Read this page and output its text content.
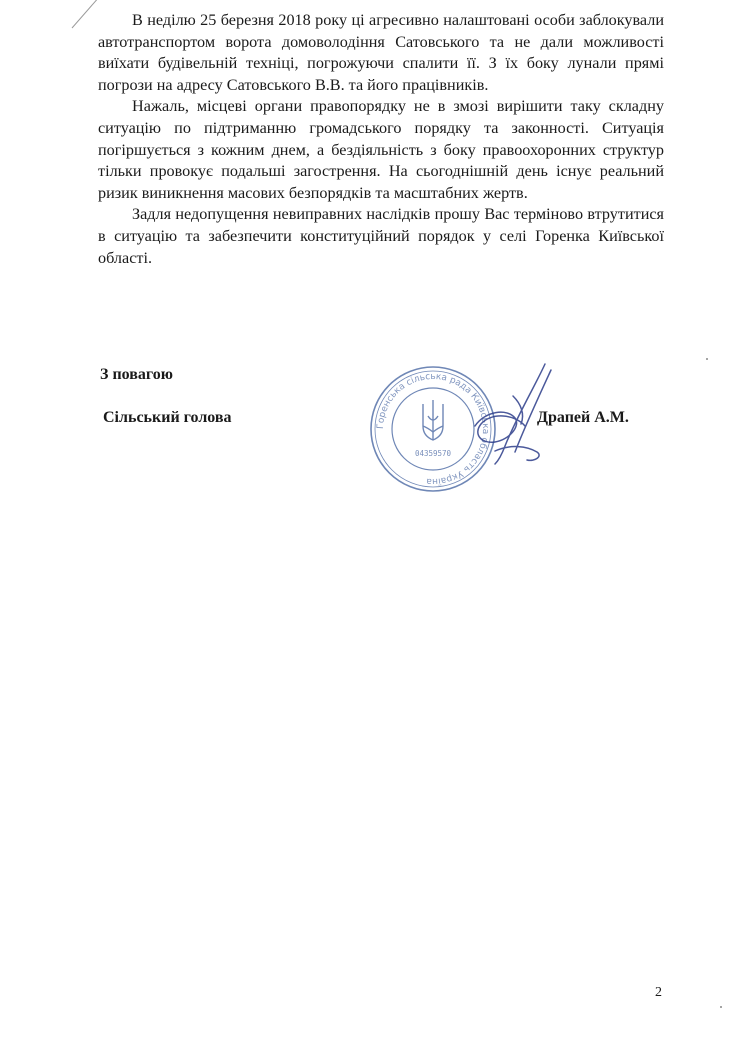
В неділю 25 березня 2018 року ці агресивно налаштовані особи заблокували автотранспортом ворота домоволодіння Сатовського та не дали можливості виїхати будівельній техніці, погрожуючи спалити її. З їх боку лунали прямі погрози на адресу Сатовського В.В. та його працівників.

Нажаль, місцеві органи правопорядку не в змозі вирішити таку складну ситуацію по підтриманню громадського порядку та законності. Ситуація погіршується з кожним днем, а бездіяльність з боку правоохоронних структур тільки провокує подальші загострення. На сьогоднішній день існує реальний ризик виникнення масових безпорядків та масштабних жертв.

Задля недопущення невиправних наслідків прошу Вас терміново втрутитися в ситуацію та забезпечити конституційний порядок у селі Горенка Київської області.

З повагою
Сільський голова	Драпей А.М.
Горенська сільська рада Київська область Україна
04359570
2
